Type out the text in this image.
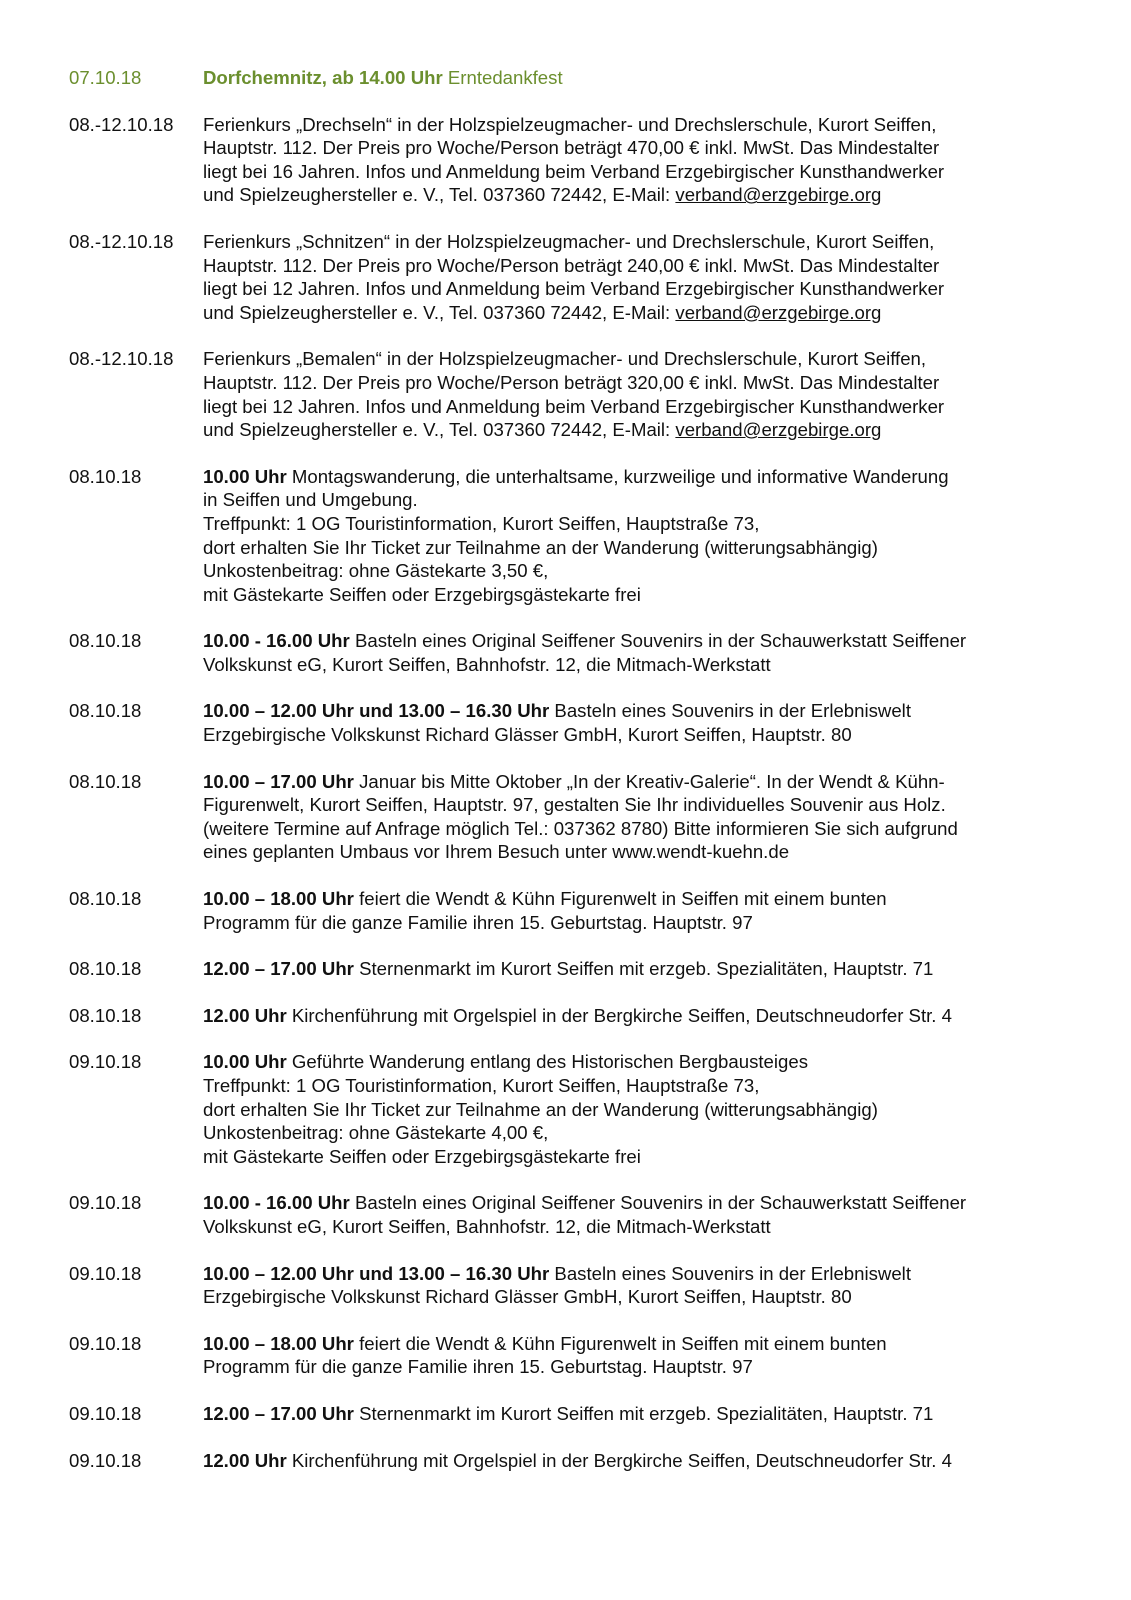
07.10.18	Dorfchemnitz, ab 14.00 Uhr Erntedankfest
08.-12.10.18	Ferienkurs „Drechseln“ in der Holzspielzeugmacher- und Drechslerschule, Kurort Seiffen,
Hauptstr. 112. Der Preis pro Woche/Person beträgt 470,00 € inkl. MwSt. Das Mindestalter
liegt bei 16 Jahren. Infos und Anmeldung beim Verband Erzgebirgischer Kunsthandwerker
und Spielzeughersteller e. V., Tel. 037360 72442, E-Mail: verband@erzgebirge.org
08.-12.10.18	Ferienkurs „Schnitzen“ in der Holzspielzeugmacher- und Drechslerschule, Kurort Seiffen,
Hauptstr. 112. Der Preis pro Woche/Person beträgt 240,00 € inkl. MwSt. Das Mindestalter
liegt bei 12 Jahren. Infos und Anmeldung beim Verband Erzgebirgischer Kunsthandwerker
und Spielzeughersteller e. V., Tel. 037360 72442, E-Mail: verband@erzgebirge.org
08.-12.10.18	Ferienkurs „Bemalen“ in der Holzspielzeugmacher- und Drechslerschule, Kurort Seiffen,
Hauptstr. 112. Der Preis pro Woche/Person beträgt 320,00 € inkl. MwSt. Das Mindestalter
liegt bei 12 Jahren. Infos und Anmeldung beim Verband Erzgebirgischer Kunsthandwerker
und Spielzeughersteller e. V., Tel. 037360 72442, E-Mail: verband@erzgebirge.org
08.10.18	10.00 Uhr Montagswanderung, die unterhaltsame, kurzweilige und informative Wanderung
in Seiffen und Umgebung.
Treffpunkt: 1 OG Touristinformation, Kurort Seiffen, Hauptstraße 73,
dort erhalten Sie Ihr Ticket zur Teilnahme an der Wanderung (witterungsabhängig)
Unkostenbeitrag: ohne Gästekarte 3,50 €,
mit Gästekarte Seiffen oder Erzgebirgsgästekarte frei
08.10.18	10.00 - 16.00 Uhr Basteln eines Original Seiffener Souvenirs in der Schauwerkstatt Seiffener
Volkskunst eG, Kurort Seiffen, Bahnhofstr. 12, die Mitmach-Werkstatt
08.10.18	10.00 – 12.00 Uhr und 13.00 – 16.30 Uhr Basteln eines Souvenirs in der Erlebniswelt
Erzgebirgische Volkskunst Richard Glässer GmbH, Kurort Seiffen, Hauptstr. 80
08.10.18	10.00 – 17.00 Uhr Januar bis Mitte Oktober „In der Kreativ-Galerie“. In der Wendt & Kühn-
Figurenwelt, Kurort Seiffen, Hauptstr. 97, gestalten Sie Ihr individuelles Souvenir aus Holz.
(weitere Termine auf Anfrage möglich Tel.: 037362 8780) Bitte informieren Sie sich aufgrund
eines geplanten Umbaus vor Ihrem Besuch unter www.wendt-kuehn.de
08.10.18	10.00 – 18.00 Uhr feiert die Wendt & Kühn Figurenwelt in Seiffen mit einem bunten
Programm für die ganze Familie ihren 15. Geburtstag. Hauptstr. 97
08.10.18	12.00 – 17.00 Uhr Sternenmarkt im Kurort Seiffen mit erzgeb. Spezialitäten, Hauptstr. 71
08.10.18	12.00 Uhr Kirchenführung mit Orgelspiel in der Bergkirche Seiffen, Deutschneudorfer Str. 4
09.10.18	10.00 Uhr Geführte Wanderung entlang des Historischen Bergbausteiges
Treffpunkt: 1 OG Touristinformation, Kurort Seiffen, Hauptstraße 73,
dort erhalten Sie Ihr Ticket zur Teilnahme an der Wanderung (witterungsabhängig)
Unkostenbeitrag: ohne Gästekarte 4,00 €,
mit Gästekarte Seiffen oder Erzgebirgsgästekarte frei
09.10.18	10.00 - 16.00 Uhr Basteln eines Original Seiffener Souvenirs in der Schauwerkstatt Seiffener
Volkskunst eG, Kurort Seiffen, Bahnhofstr. 12, die Mitmach-Werkstatt
09.10.18	10.00 – 12.00 Uhr und 13.00 – 16.30 Uhr Basteln eines Souvenirs in der Erlebniswelt
Erzgebirgische Volkskunst Richard Glässer GmbH, Kurort Seiffen, Hauptstr. 80
09.10.18	10.00 – 18.00 Uhr feiert die Wendt & Kühn Figurenwelt in Seiffen mit einem bunten
Programm für die ganze Familie ihren 15. Geburtstag. Hauptstr. 97
09.10.18	12.00 – 17.00 Uhr Sternenmarkt im Kurort Seiffen mit erzgeb. Spezialitäten, Hauptstr. 71
09.10.18	12.00 Uhr Kirchenführung mit Orgelspiel in der Bergkirche Seiffen, Deutschneudorfer Str. 4
